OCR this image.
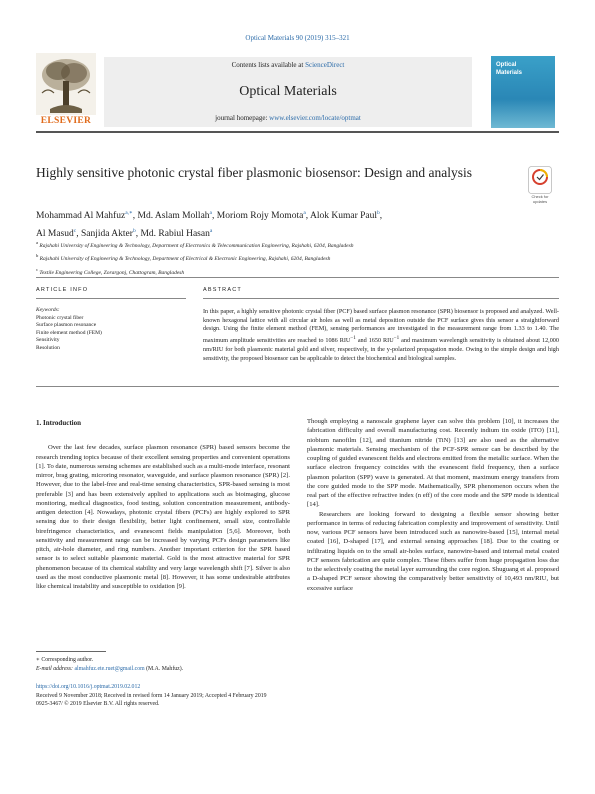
Optical Materials 90 (2019) 315–321
Contents lists available at ScienceDirect
Optical Materials
journal homepage: www.elsevier.com/locate/optmat
ELSEVIER
Optical
Materials
Highly sensitive photonic crystal fiber plasmonic biosensor: Design and analysis
Check for updates
Mohammad Al Mahfuz$^{a,∗}$, Md. Aslam Mollah$^a$, Moriom Rojy Momota$^a$, Alok Kumar Paul$^b$,
Al Masud$^c$, Sanjida Akter$^b$, Md. Rabiul Hasan$^a$
$^a$ Rajshahi University of Engineering & Technology, Department of Electronics & Telecommunication Engineering, Rajshahi, 6204, Bangladesh
$^b$ Rajshahi University of Engineering & Technology, Department of Electrical & Electronic Engineering, Rajshahi, 6204, Bangladesh
$^c$ Textile Engineering College, Zorargonj, Chattogram, Bangladesh
ARTICLE INFO	ABSTRACT
Keywords:
Photonic crystal fiber
Surface plasmon resonance
Finite element method (FEM)
Sensitivity
Resolution
In this paper, a highly sensitive photonic crystal fiber (PCF) based surface plasmon resonance (SPR) biosensor is proposed and analyzed. Well-known hexagonal lattice with all circular air holes as well as metal deposition outside the PCF surface gives this sensor a straightforward design. Using the finite element method (FEM), sensing performances are investigated in the measurement range from 1.33 to 1.40. The maximum amplitude sensitivities are reached to 1086 $RIU^{-1}$ and 1650 $RIU^{-1}$ and maximum wavelength sensitivity is obtained about 12,000 nm/RIU for both plasmonic material gold and silver, respectively, in the y-polarized propagation mode. Owing to the simple design and high sensitivity, the proposed biosensor can be applicable to detect the biochemical and biological samples.

1. Introduction

Over the last few decades, surface plasmon resonance (SPR) based sensors become the research trending topics because of their excellent sensing properties and convenient operations [1]. To date, numerous sensing schemes are established such as a multi-mode interface, resonant mirror, brag grating, microring resonator, waveguide, and surface plasmon resonance (SPR) [2]. However, due to the label-free and real-time sensing characteristics, SPR-based sensing is most preferable [3] and has been extensively applied to applications such as bioimaging, glucose monitoring, medical diagnostics, food testing, solution concentration measurement, antibody-antigen detection [4]. Nowadays, photonic crystal fibers (PCFs) are highly explored to SPR sensing due to their design flexibility, better light confinement, small size, controllable birefringence characteristics, and evanescent fields manipulation [5,6]. Moreover, both sensitivity and measurement range can be increased by varying PCFs design parameters like pitch, air-hole diameter, and ring numbers. Another important criterion for the SPR based sensor is to select suitable plasmonic material. Gold is the most attractive material for SPR phenomenon because of its chemical stability and very large wavelength shift [7]. Silver is also used as the most conductive plasmonic metal [8]. However, it has some undesirable attributes like chemical instability and susceptible to oxidation [9].

Though employing a nanoscale graphene layer can solve this problem [10], it increases the fabrication difficulty and overall manufacturing cost. Recently indium tin oxide (ITO) [11], niobium nanofilm [12], and titanium nitride (TiN) [13] are also used as the alternative plasmonic materials. Sensing mechanism of the PCF-SPR sensor can be described by the coupling of guided evanescent fields and electrons emitted from the metallic surface. When the surface electron frequency coincides with the evanescent field frequency, then a surface plasmon polariton (SPP) wave is generated. At that moment, maximum energy transfers from the core guided mode to the SPP mode. Mathematically, SPR phenomenon occurs when the real part of the effective refractive index (n eff) of the core mode and the SPP mode is identical [14].

Researchers are looking forward to designing a flexible sensor showing better performance in terms of reducing fabrication complexity and improvement of sensitivity. Until now, various PCF sensors have been introduced such as nanowire-based [15], internal metal coated [16], D-shaped [17], and external sensing approaches [18]. Due to the coating or infiltrating liquids on to the small air-holes surface, nanowire-based and internal metal coated PCF sensors fabrication are quite complex. These fibers suffer from huge propagation loss due to the selectively coating the metal layer surrounding the core region. Shuguang et al. proposed a D-shaped PCF sensor showing the comparatively better sensitivity of 10,493 nm/RIU, but excessive surface

∗ Corresponding author.
E-mail address: almahfuz.ete.ruet@gmail.com (M.A. Mahfuz).
https://doi.org/10.1016/j.optmat.2019.02.012
Received 9 November 2018; Received in revised form 14 January 2019; Accepted 4 February 2019
0925-3467/ © 2019 Elsevier B.V. All rights reserved.
